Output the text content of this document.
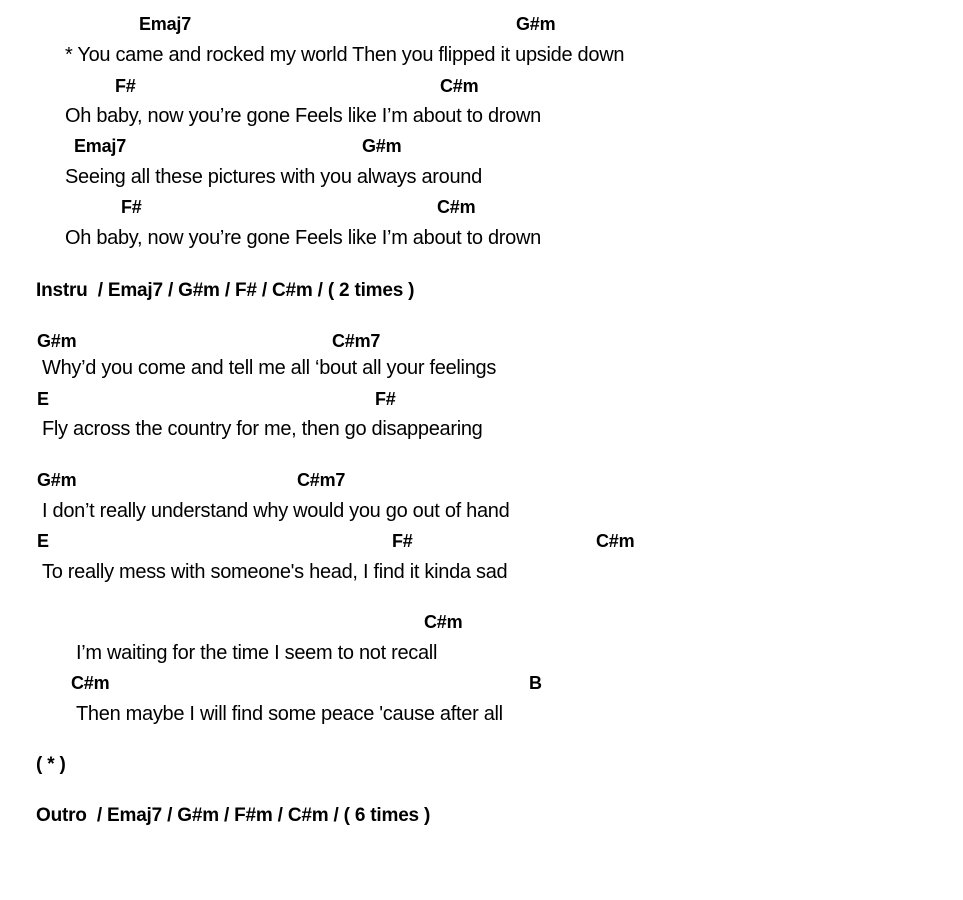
Emaj7	G#m
* You came and rocked my world Then you flipped it upside down
F#	C#m
Oh baby, now you’re gone Feels like I’m about to drown
Emaj7	G#m
Seeing all these pictures with you always around
F#	C#m
Oh baby, now you’re gone Feels like I’m about to drown
Instru  / Emaj7 / G#m / F# / C#m / ( 2 times )
G#m	C#m7
Why’d you come and tell me all ‘bout all your feelings
E	F#
Fly across the country for me, then go disappearing
G#m	C#m7
I don’t really understand why would you go out of hand
E	F#	C#m
To really mess with someone's head, I find it kinda sad
C#m
I’m waiting for the time I seem to not recall
C#m	B
Then maybe I will find some peace 'cause after all
( * )
Outro  / Emaj7 / G#m / F#m / C#m / ( 6 times )
